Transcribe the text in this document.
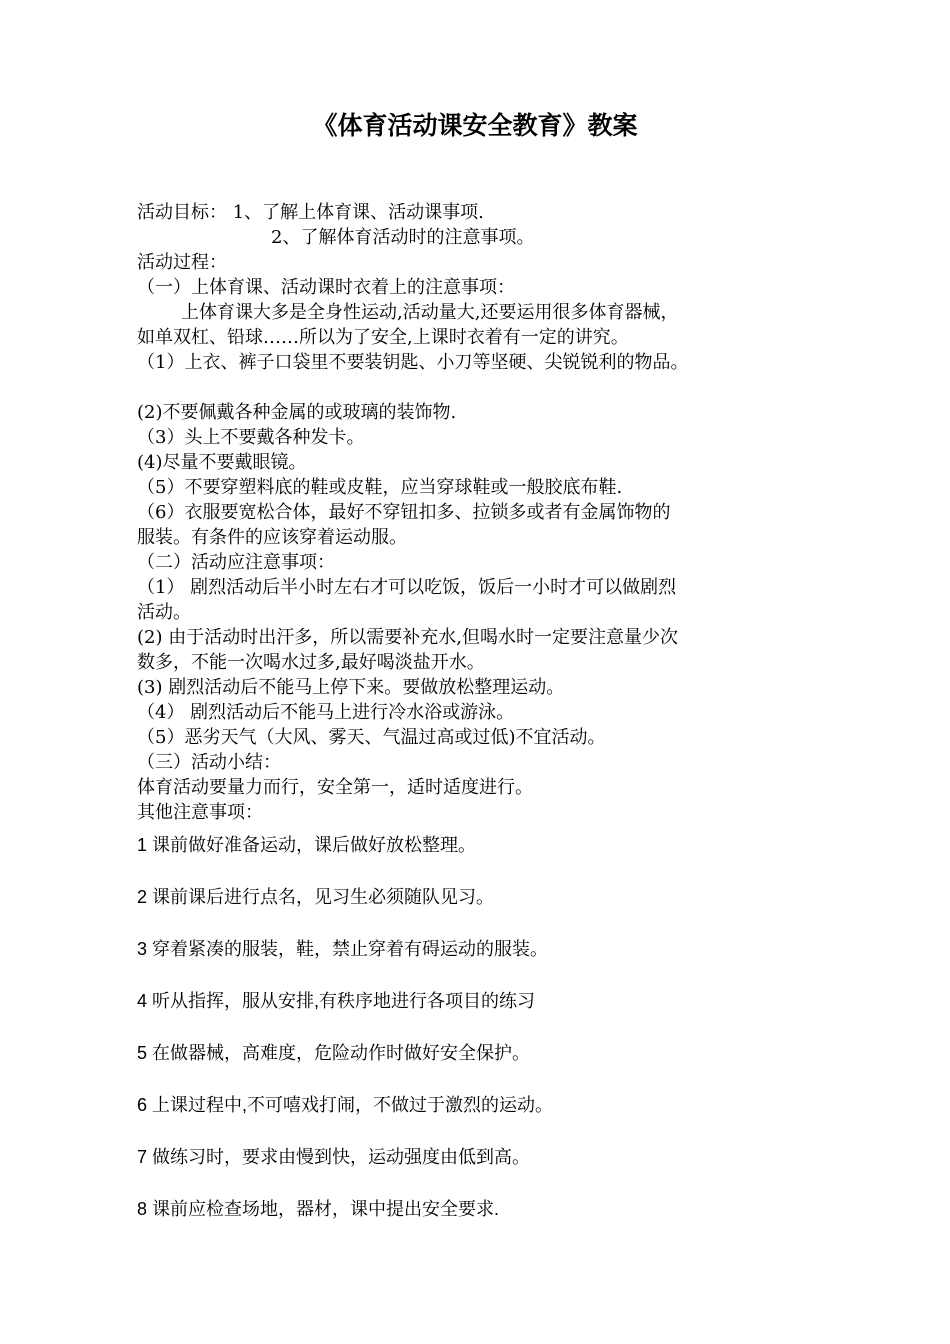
《体育活动课安全教育》教案

活动目标： 1、了解上体育课、活动课事项.

2、了解体育活动时的注意事项。

活动过程：

（一）上体育课、活动课时衣着上的注意事项：

上体育课大多是全身性运动,活动量大,还要运用很多体育器械，

如单双杠、铅球……所以为了安全,上课时衣着有一定的讲究。

（1）上衣、裤子口袋里不要装钥匙、小刀等坚硬、尖锐锐利的物品。

(2)不要佩戴各种金属的或玻璃的装饰物.

（3）头上不要戴各种发卡。

(4)尽量不要戴眼镜。

（5）不要穿塑料底的鞋或皮鞋，应当穿球鞋或一般胶底布鞋.

（6）衣服要宽松合体，最好不穿钮扣多、拉锁多或者有金属饰物的

服装。有条件的应该穿着运动服。

（二）活动应注意事项：

（1） 剧烈活动后半小时左右才可以吃饭，饭后一小时才可以做剧烈

活动。

(2) 由于活动时出汗多，所以需要补充水,但喝水时一定要注意量少次

数多，不能一次喝水过多,最好喝淡盐开水。

(3) 剧烈活动后不能马上停下来。要做放松整理运动。

（4） 剧烈活动后不能马上进行冷水浴或游泳。

（5）恶劣天气（大风、雾天、气温过高或过低)不宜活动。

（三）活动小结：

体育活动要量力而行，安全第一，适时适度进行。

其他注意事项：

1 课前做好准备运动，课后做好放松整理。

2 课前课后进行点名，见习生必须随队见习。

3 穿着紧凑的服装，鞋，禁止穿着有碍运动的服装。

4 听从指挥，服从安排,有秩序地进行各项目的练习

5 在做器械，高难度，危险动作时做好安全保护。

6 上课过程中,不可嘻戏打闹，不做过于激烈的运动。

7 做练习时，要求由慢到快，运动强度由低到高。

8 课前应检查场地，器材，课中提出安全要求.
